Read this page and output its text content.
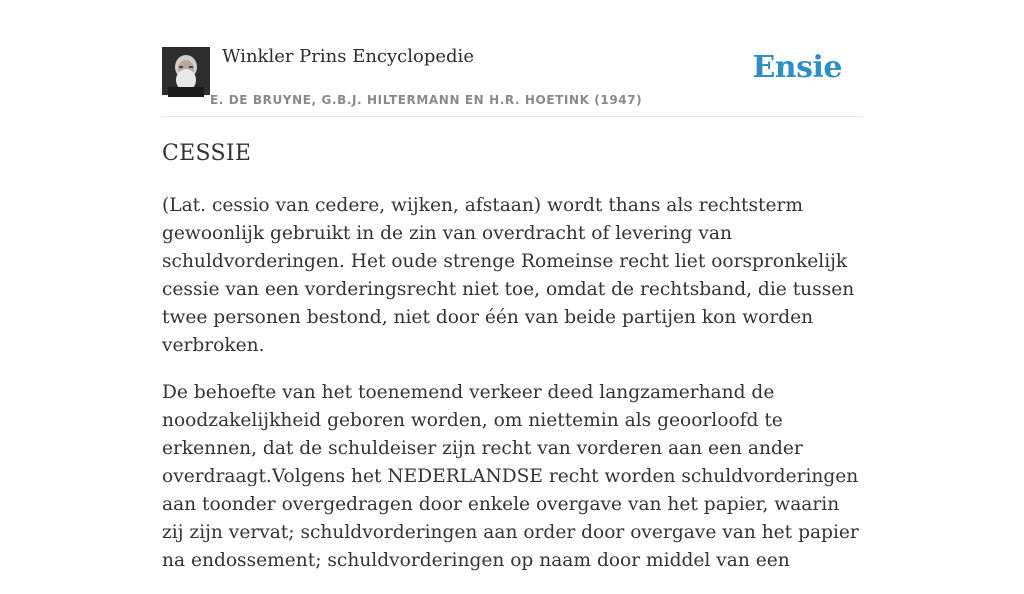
Winkler Prins Encyclopedie
E. DE BRUYNE, G.B.J. HILTERMANN EN H.R. HOETINK (1947)
Ensie
CESSIE

(Lat. cessio van cedere, wijken, afstaan) wordt thans als rechtsterm gewoonlijk gebruikt in de zin van overdracht of levering van schuldvorderingen. Het oude strenge Romeinse recht liet oorspronkelijk cessie van een vorderingsrecht niet toe, omdat de rechtsband, die tussen twee personen bestond, niet door één van beide partijen kon worden verbroken.

De behoefte van het toenemend verkeer deed langzamerhand de noodzakelijkheid geboren worden, om niettemin als geoorloofd te erkennen, dat de schuldeiser zijn recht van vorderen aan een ander overdraagt.Volgens het NEDERLANDSE recht worden schuldvorderingen aan toonder overgedragen door enkele overgave van het papier, waarin zij zijn vervat; schuldvorderingen aan order door overgave van het papier na endossement; schuldvorderingen op naam door middel van een
